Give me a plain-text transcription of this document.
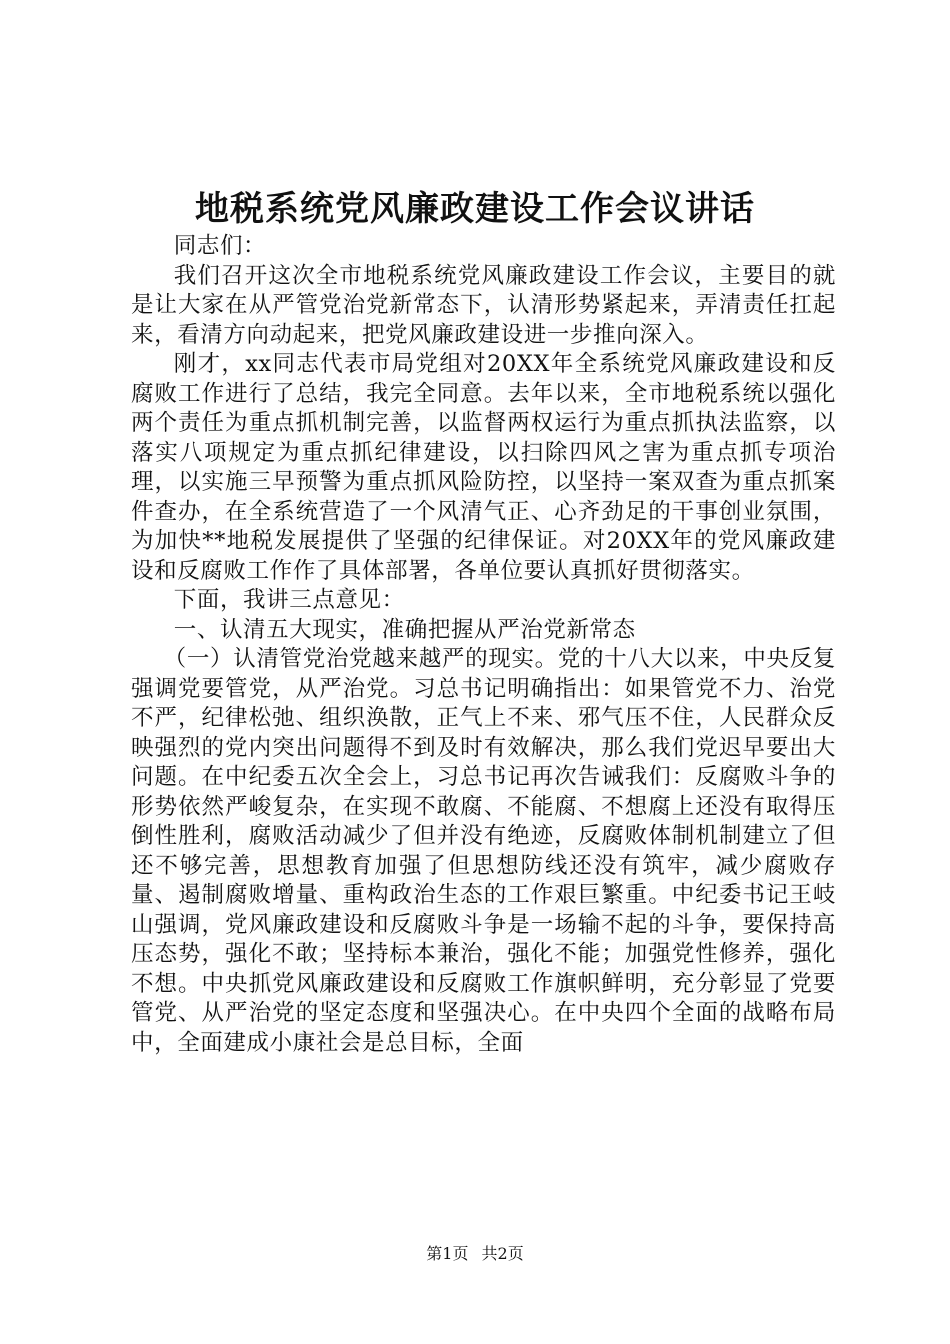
地税系统党风廉政建设工作会议讲话

同志们：

我们召开这次全市地税系统党风廉政建设工作会议，主要目的就是让大家在从严管党治党新常态下，认清形势紧起来，弄清责任扛起来，看清方向动起来，把党风廉政建设进一步推向深入。

刚才，xx同志代表市局党组对20XX年全系统党风廉政建设和反腐败工作进行了总结，我完全同意。去年以来，全市地税系统以强化两个责任为重点抓机制完善，以监督两权运行为重点抓执法监察，以落实八项规定为重点抓纪律建设，以扫除四风之害为重点抓专项治理，以实施三早预警为重点抓风险防控，以坚持一案双查为重点抓案件查办，在全系统营造了一个风清气正、心齐劲足的干事创业氛围，为加快**地税发展提供了坚强的纪律保证。对20XX年的党风廉政建设和反腐败工作作了具体部署，各单位要认真抓好贯彻落实。

下面，我讲三点意见：

一、认清五大现实，准确把握从严治党新常态

（一）认清管党治党越来越严的现实。党的十八大以来，中央反复强调党要管党，从严治党。习总书记明确指出：如果管党不力、治党不严，纪律松弛、组织涣散，正气上不来、邪气压不住，人民群众反映强烈的党内突出问题得不到及时有效解决，那么我们党迟早要出大问题。在中纪委五次全会上，习总书记再次告诫我们：反腐败斗争的形势依然严峻复杂，在实现不敢腐、不能腐、不想腐上还没有取得压倒性胜利，腐败活动减少了但并没有绝迹，反腐败体制机制建立了但还不够完善，思想教育加强了但思想防线还没有筑牢，减少腐败存量、遏制腐败增量、重构政治生态的工作艰巨繁重。中纪委书记王岐山强调，党风廉政建设和反腐败斗争是一场输不起的斗争，要保持高压态势，强化不敢；坚持标本兼治，强化不能；加强党性修养，强化不想。中央抓党风廉政建设和反腐败工作旗帜鲜明，充分彰显了党要管党、从严治党的坚定态度和坚强决心。在中央四个全面的战略布局中，全面建成小康社会是总目标，全面

第1页 共2页
